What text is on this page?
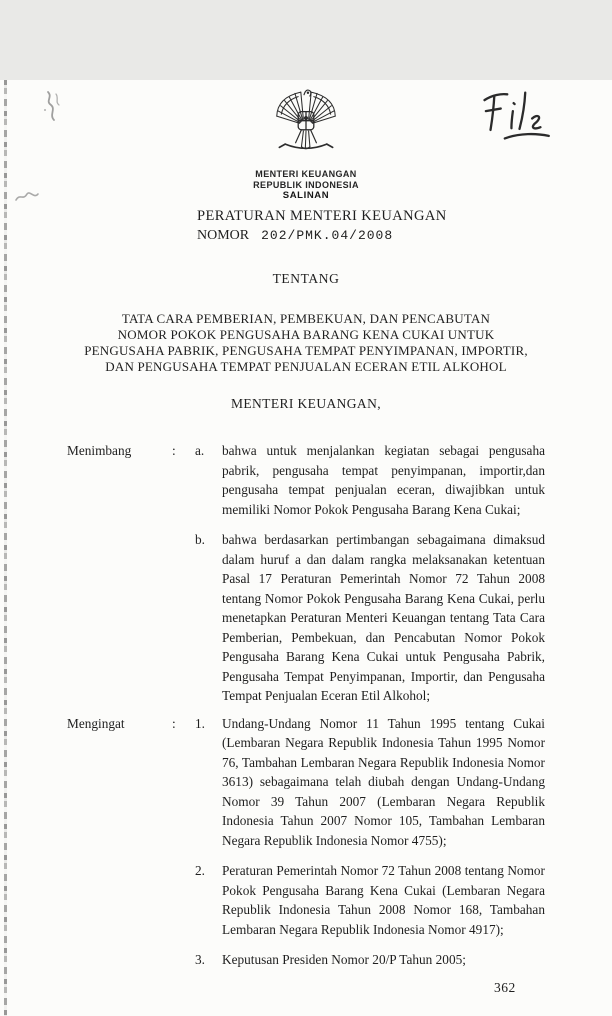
MENTERI KEUANGAN
REPUBLIK INDONESIA
SALINAN
PERATURAN MENTERI KEUANGAN
NOMOR 202/PMK.04/2008
TENTANG
TATA CARA PEMBERIAN, PEMBEKUAN, DAN PENCABUTAN
NOMOR POKOK PENGUSAHA BARANG KENA CUKAI UNTUK
PENGUSAHA PABRIK, PENGUSAHA TEMPAT PENYIMPANAN, IMPORTIR,
DAN PENGUSAHA TEMPAT PENJUALAN ECERAN ETIL ALKOHOL
MENTERI KEUANGAN,
Menimbang	:	a.	bahwa untuk menjalankan kegiatan sebagai pengusaha pabrik, pengusaha tempat penyimpanan, importir,dan pengusaha tempat penjualan eceran, diwajibkan untuk memiliki Nomor Pokok Pengusaha Barang Kena Cukai;
b.	bahwa berdasarkan pertimbangan sebagaimana dimaksud dalam huruf a dan dalam rangka melaksanakan ketentuan Pasal 17 Peraturan Pemerintah Nomor 72 Tahun 2008 tentang Nomor Pokok Pengusaha Barang Kena Cukai, perlu menetapkan Peraturan Menteri Keuangan tentang Tata Cara Pemberian, Pembekuan, dan Pencabutan Nomor Pokok Pengusaha Barang Kena Cukai untuk Pengusaha Pabrik, Pengusaha Tempat Penyimpanan, Importir, dan Pengusaha Tempat Penjualan Eceran Etil Alkohol;
Mengingat	:	1.	Undang-Undang Nomor 11 Tahun 1995 tentang Cukai (Lembaran Negara Republik Indonesia Tahun 1995 Nomor 76, Tambahan Lembaran Negara Republik Indonesia Nomor 3613) sebagaimana telah diubah dengan Undang-Undang Nomor 39 Tahun 2007 (Lembaran Negara Republik Indonesia Tahun 2007 Nomor 105, Tambahan Lembaran Negara Republik Indonesia Nomor 4755);
2.	Peraturan Pemerintah Nomor 72 Tahun 2008 tentang Nomor Pokok Pengusaha Barang Kena Cukai (Lembaran Negara Republik Indonesia Tahun 2008 Nomor 168, Tambahan Lembaran Negara Republik Indonesia Nomor 4917);
3.	Keputusan Presiden Nomor 20/P Tahun 2005;
362
